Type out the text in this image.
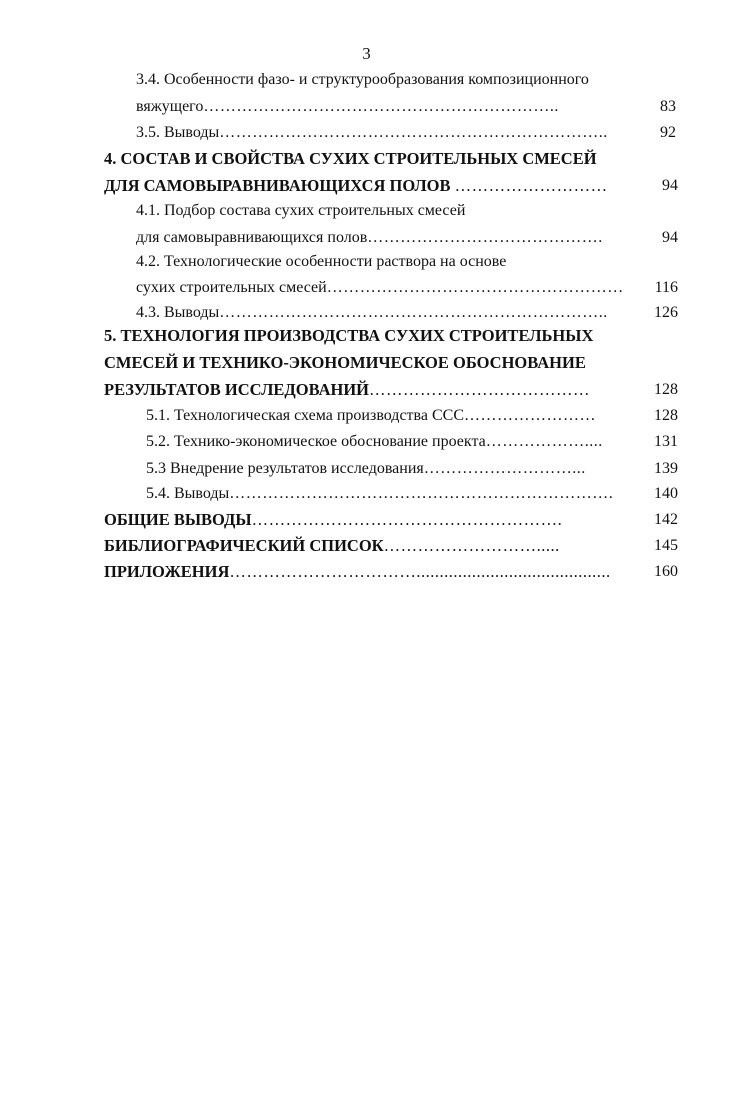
3
3.4. Особенности фазо- и структурообразования композиционного
вяжущего………………………………………………………..	83
3.5. Выводы……………………………………………………………..	92
4. СОСТАВ И СВОЙСТВА СУХИХ СТРОИТЕЛЬНЫХ СМЕСЕЙ
ДЛЯ САМОВЫРАВНИВАЮЩИХСЯ ПОЛОВ ………………………	94
4.1. Подбор состава сухих строительных смесей
для самовыравнивающихся полов…………………………………….	94
4.2. Технологические особенности раствора на основе
сухих строительных смесей………………………………………………	116
4.3. Выводы……………………………………………………………..	126
5. ТЕХНОЛОГИЯ ПРОИЗВОДСТВА СУХИХ СТРОИТЕЛЬНЫХ
СМЕСЕЙ И ТЕХНИКО-ЭКОНОМИЧЕСКОЕ ОБОСНОВАНИЕ
РЕЗУЛЬТАТОВ ИССЛЕДОВАНИЙ…………………………………	128
5.1. Технологическая схема производства ССС……………………	128
5.2. Технико-экономическое обоснование проекта………………....	131
5.3 Внедрение результатов исследования………………………...	139
5.4. Выводы…………………………………………………………….	140
ОБЩИЕ ВЫВОДЫ……………………………………………….	142
БИБЛИОГРАФИЧЕСКИЙ СПИСОК……………………….....	145
ПРИЛОЖЕНИЯ……………………………..........................................	160
